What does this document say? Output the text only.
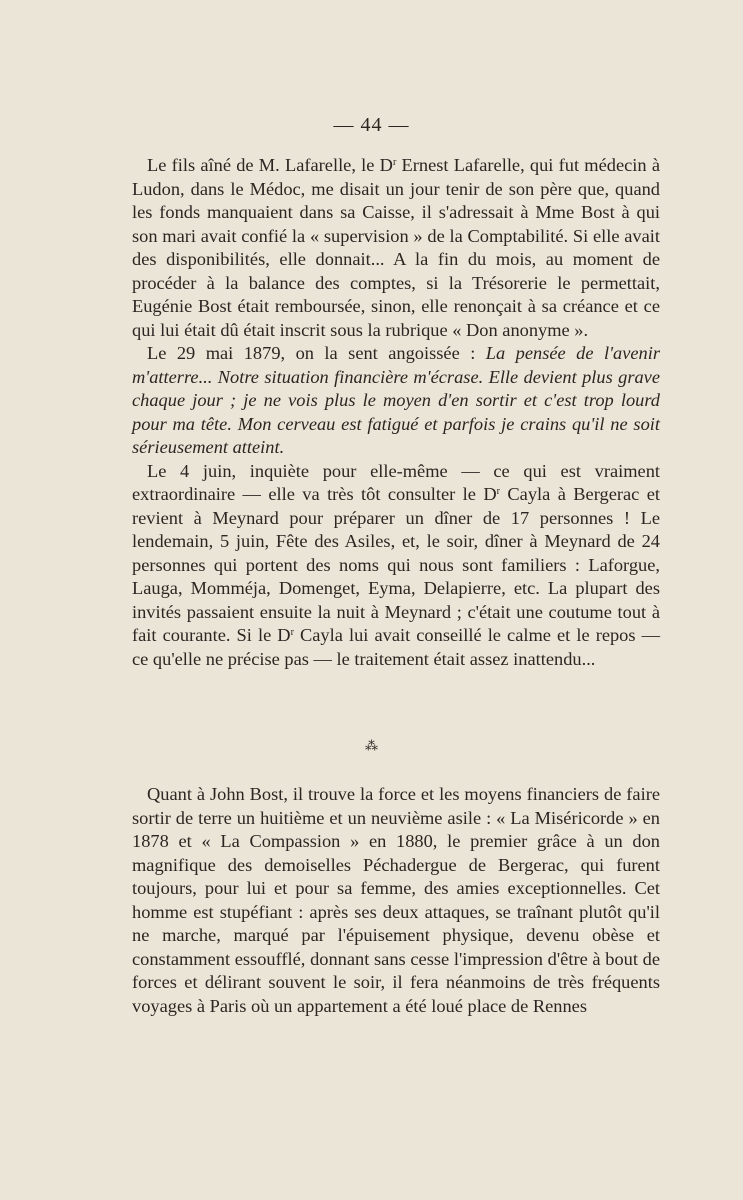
— 44 —

Le fils aîné de M. Lafarelle, le $D^r$ Ernest Lafarelle, qui fut médecin à Ludon, dans le Médoc, me disait un jour tenir de son père que, quand les fonds manquaient dans sa Caisse, il s'adressait à Mme Bost à qui son mari avait confié la « supervision » de la Comptabilité. Si elle avait des disponibilités, elle donnait... A la fin du mois, au moment de procéder à la balance des comptes, si la Trésorerie le permettait, Eugénie Bost était remboursée, sinon, elle renonçait à sa créance et ce qui lui était dû était inscrit sous la rubrique « Don anonyme ».

Le 29 mai 1879, on la sent angoissée : La pensée de l'avenir m'atterre... Notre situation financière m'écrase. Elle devient plus grave chaque jour ; je ne vois plus le moyen d'en sortir et c'est trop lourd pour ma tête. Mon cerveau est fatigué et parfois je crains qu'il ne soit sérieusement atteint.

Le 4 juin, inquiète pour elle-même — ce qui est vraiment extraordinaire — elle va très tôt consulter le $D^r$ Cayla à Bergerac et revient à Meynard pour préparer un dîner de 17 personnes ! Le lendemain, 5 juin, Fête des Asiles, et, le soir, dîner à Meynard de 24 personnes qui portent des noms qui nous sont familiers : Laforgue, Lauga, Momméja, Domenget, Eyma, Delapierre, etc. La plupart des invités passaient ensuite la nuit à Meynard ; c'était une coutume tout à fait courante. Si le $D^r$ Cayla lui avait conseillé le calme et le repos — ce qu'elle ne précise pas — le traitement était assez inattendu...

⁂

Quant à John Bost, il trouve la force et les moyens financiers de faire sortir de terre un huitième et un neuvième asile : « La Miséricorde » en 1878 et « La Compassion » en 1880, le premier grâce à un don magnifique des demoiselles Péchadergue de Bergerac, qui furent toujours, pour lui et pour sa femme, des amies exceptionnelles. Cet homme est stupéfiant : après ses deux attaques, se traînant plutôt qu'il ne marche, marqué par l'épuisement physique, devenu obèse et constamment essoufflé, donnant sans cesse l'impression d'être à bout de forces et délirant souvent le soir, il fera néanmoins de très fréquents voyages à Paris où un appartement a été loué place de Rennes
